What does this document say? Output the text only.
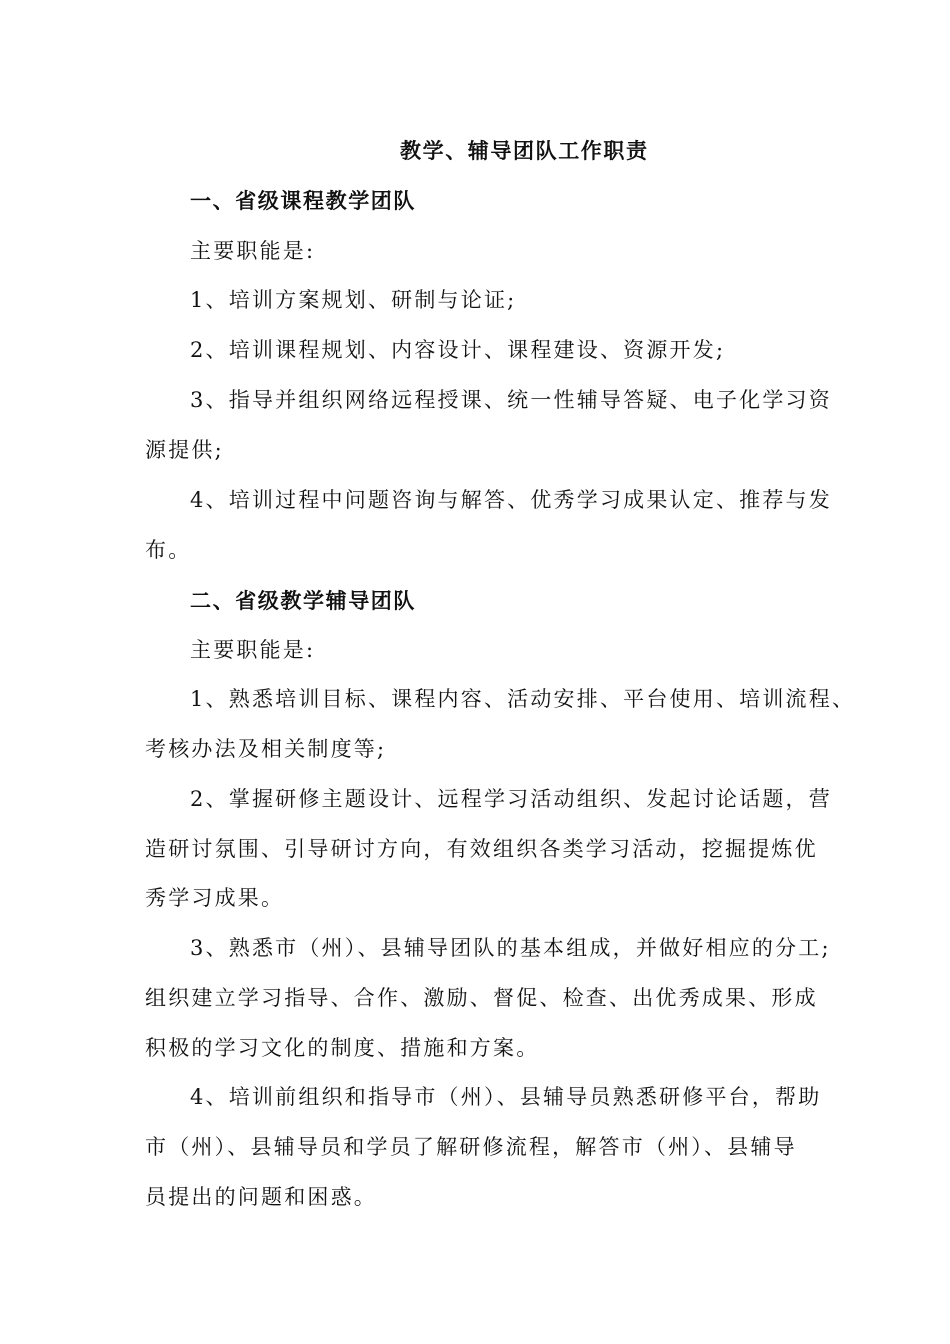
教学、辅导团队工作职责
一、省级课程教学团队
主要职能是:
1、培训方案规划、研制与论证;
2、培训课程规划、内容设计、课程建设、资源开发;
3、指导并组织网络远程授课、统一性辅导答疑、电子化学习资
源提供;
4、培训过程中问题咨询与解答、优秀学习成果认定、推荐与发
布。
二、省级教学辅导团队
主要职能是:
1、熟悉培训目标、课程内容、活动安排、平台使用、培训流程、
考核办法及相关制度等;
2、掌握研修主题设计、远程学习活动组织、发起讨论话题，营
造研讨氛围、引导研讨方向，有效组织各类学习活动，挖掘提炼优
秀学习成果。
3、熟悉市（州）、县辅导团队的基本组成，并做好相应的分工;
组织建立学习指导、合作、激励、督促、检查、出优秀成果、形成
积极的学习文化的制度、措施和方案。
4、培训前组织和指导市（州）、县辅导员熟悉研修平台，帮助
市（州）、县辅导员和学员了解研修流程，解答市（州）、县辅导
员提出的问题和困惑。
